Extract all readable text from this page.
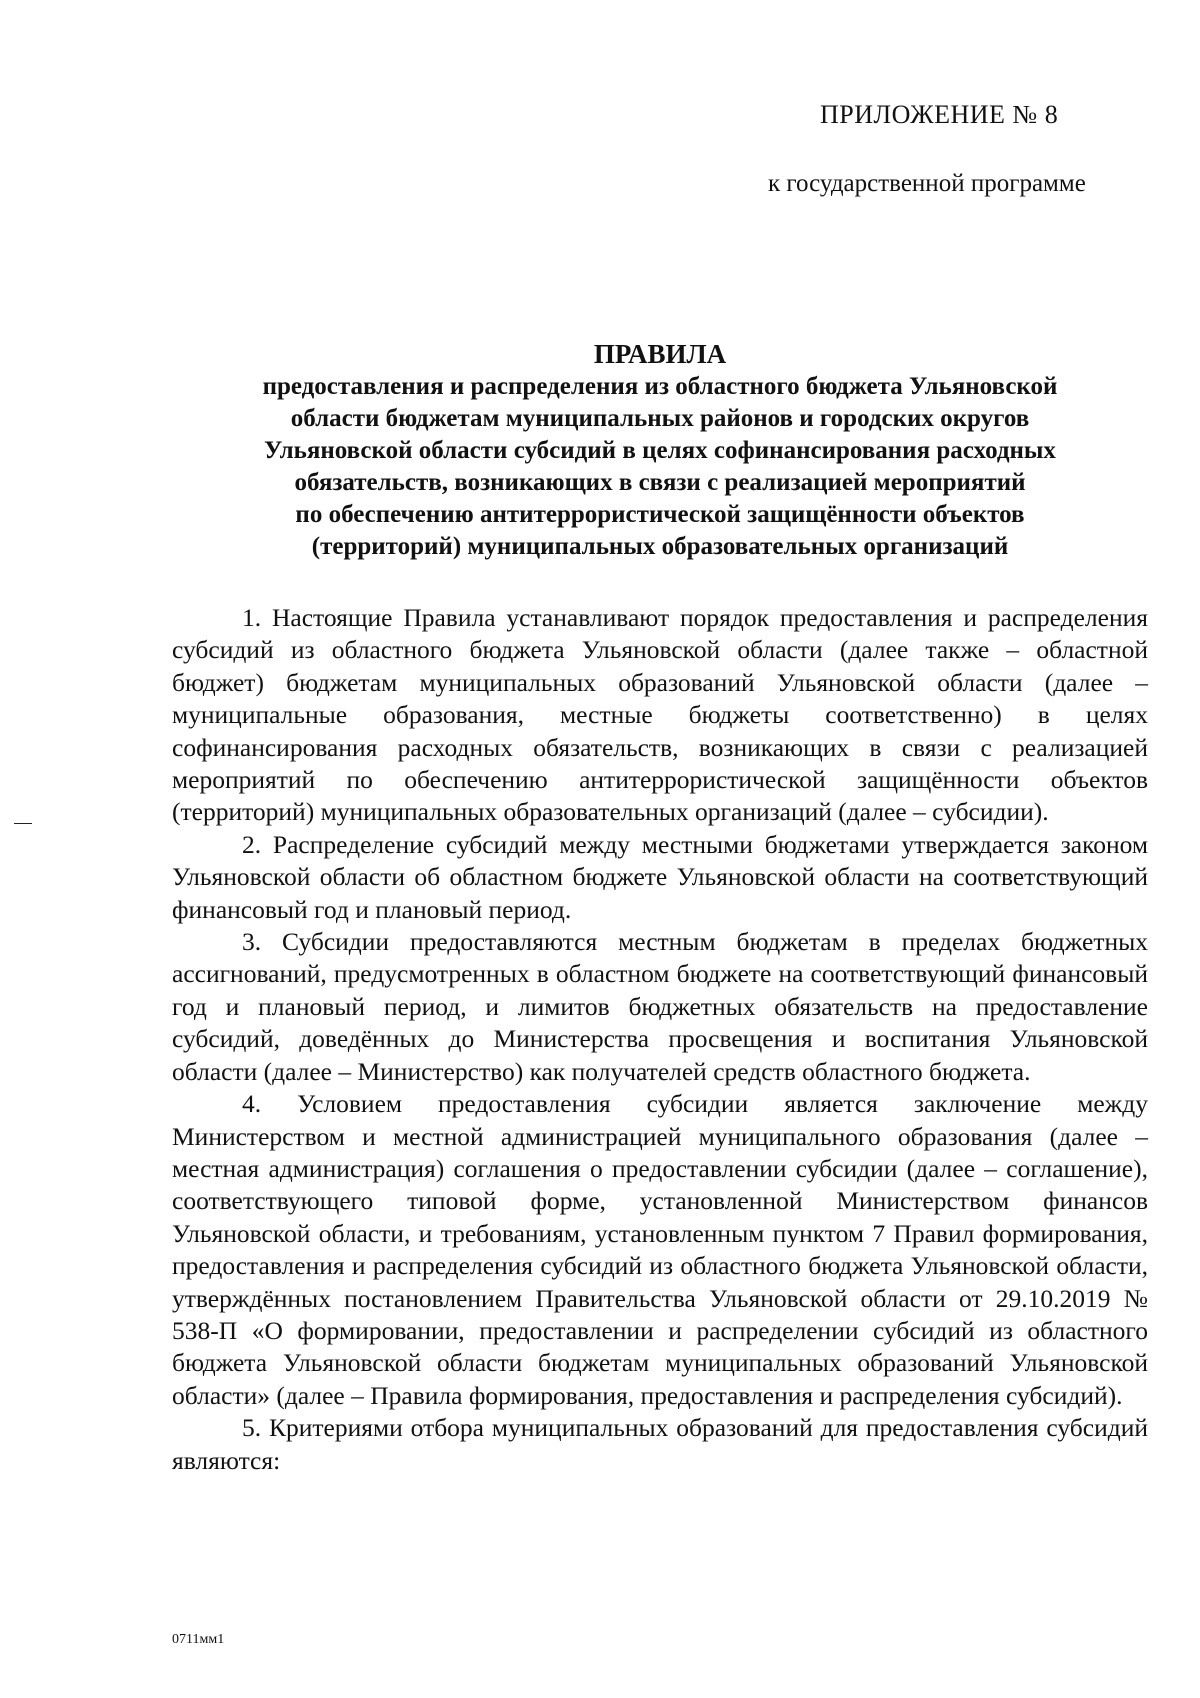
ПРИЛОЖЕНИЕ № 8
к государственной программе
ПРАВИЛА
предоставления и распределения из областного бюджета Ульяновской
области бюджетам муниципальных районов и городских округов
Ульяновской области субсидий в целях софинансирования расходных
обязательств, возникающих в связи с реализацией мероприятий
по обеспечению антитеррористической защищённости объектов
(территорий) муниципальных образовательных организаций

1. Настоящие Правила устанавливают порядок предоставления и распределения субсидий из областного бюджета Ульяновской области (далее также – областной бюджет) бюджетам муниципальных образований Ульяновской области (далее – муниципальные образования, местные бюджеты соответственно) в целях софинансирования расходных обязательств, возникающих в связи с реализацией мероприятий по обеспечению антитеррористической защищённости объектов (территорий) муниципальных образовательных организаций (далее – субсидии).

2. Распределение субсидий между местными бюджетами утверждается законом Ульяновской области об областном бюджете Ульяновской области на соответствующий финансовый год и плановый период.

3. Субсидии предоставляются местным бюджетам в пределах бюджетных ассигнований, предусмотренных в областном бюджете на соответствующий финансовый год и плановый период, и лимитов бюджетных обязательств на предоставление субсидий, доведённых до Министерства просвещения и воспитания Ульяновской области (далее – Министерство) как получателей средств областного бюджета.

4. Условием предоставления субсидии является заключение между Министерством и местной администрацией муниципального образования (далее – местная администрация) соглашения о предоставлении субсидии (далее – соглашение), соответствующего типовой форме, установленной Министерством финансов Ульяновской области, и требованиям, установленным пунктом 7 Правил формирования, предоставления и распределения субсидий из областного бюджета Ульяновской области, утверждённых постановлением Правительства Ульяновской области от 29.10.2019 № 538-П «О формировании, предоставлении и распределении субсидий из областного бюджета Ульяновской области бюджетам муниципальных образований Ульяновской области» (далее – Правила формирования, предоставления и распределения субсидий).

5. Критериями отбора муниципальных образований для предоставления субсидий являются:

0711мм1
